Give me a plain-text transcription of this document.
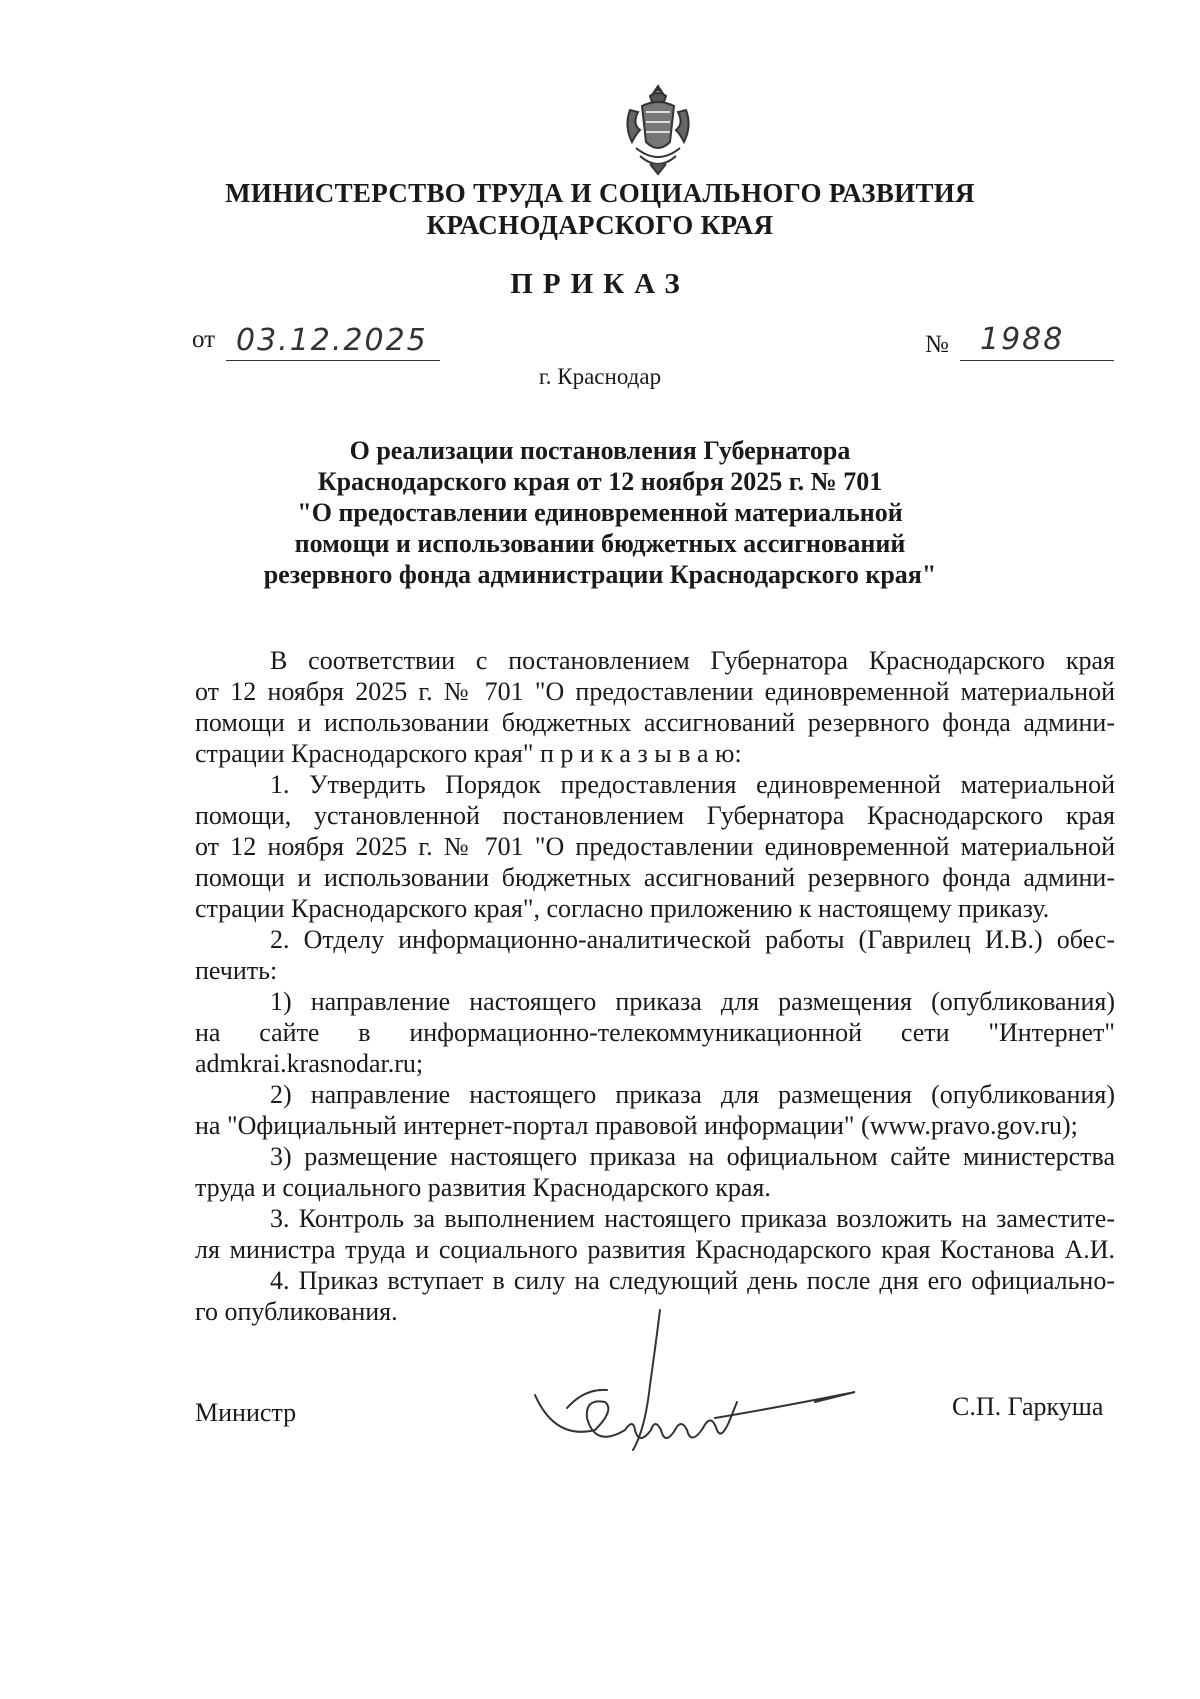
МИНИСТЕРСТВО ТРУДА И СОЦИАЛЬНОГО РАЗВИТИЯ
КРАСНОДАРСКОГО КРАЯ
ПРИКАЗ
от 03.12.2025	№ 1988
г. Краснодар
О реализации постановления Губернатора
Краснодарского края от 12 ноября 2025 г. № 701
"О предоставлении единовременной материальной
помощи и использовании бюджетных ассигнований
резервного фонда администрации Краснодарского края"
В соответствии с постановлением Губернатора Краснодарского края
от 12 ноября 2025 г. № 701 "О предоставлении единовременной материальной
помощи и использовании бюджетных ассигнований резервного фонда админи-
страции Краснодарского края" п р и к а з ы в а ю:
1. Утвердить Порядок предоставления единовременной материальной
помощи, установленной постановлением Губернатора Краснодарского края
от 12 ноября 2025 г. № 701 "О предоставлении единовременной материальной
помощи и использовании бюджетных ассигнований резервного фонда админи-
страции Краснодарского края", согласно приложению к настоящему приказу.
2. Отделу информационно-аналитической работы (Гаврилец И.В.) обес-
печить:
1) направление настоящего приказа для размещения (опубликования)
на сайте в информационно-телекоммуникационной сети "Интернет"
admkrai.krasnodar.ru;
2) направление настоящего приказа для размещения (опубликования)
на "Официальный интернет-портал правовой информации" (www.pravo.gov.ru);
3) размещение настоящего приказа на официальном сайте министерства
труда и социального развития Краснодарского края.
3. Контроль за выполнением настоящего приказа возложить на заместите-
ля министра труда и социального развития Краснодарского края Костанова А.И.
4. Приказ вступает в силу на следующий день после дня его официально-
го опубликования.
Министр	С.П. Гаркуша
